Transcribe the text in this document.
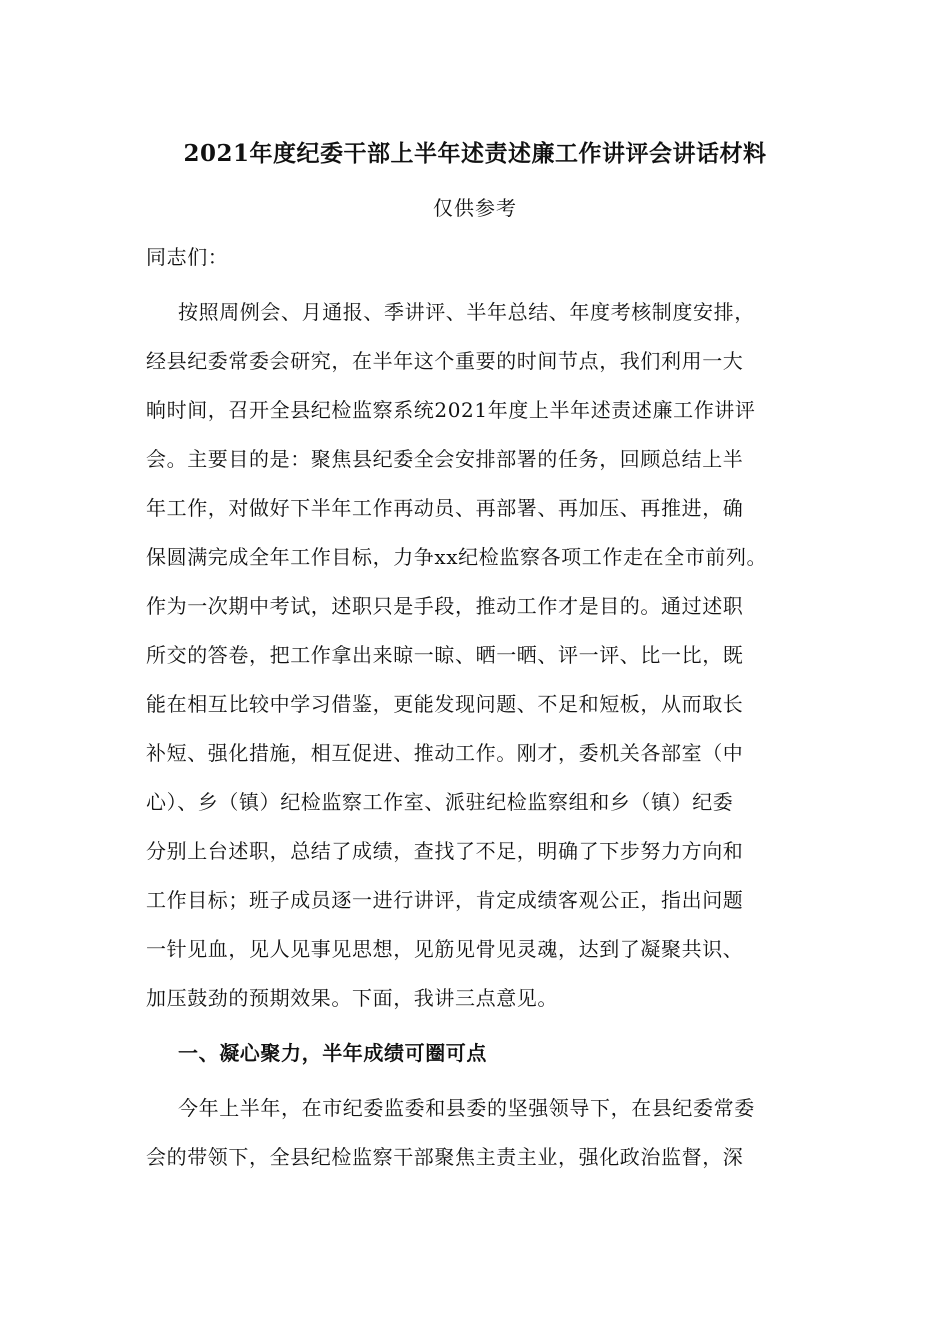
2021年度纪委干部上半年述责述廉工作讲评会讲话材料
仅供参考
同志们：
按照周例会、月通报、季讲评、半年总结、年度考核制度安排，
经县纪委常委会研究，在半年这个重要的时间节点，我们利用一大
晌时间，召开全县纪检监察系统2021年度上半年述责述廉工作讲评
会。主要目的是：聚焦县纪委全会安排部署的任务，回顾总结上半
年工作，对做好下半年工作再动员、再部署、再加压、再推进，确
保圆满完成全年工作目标，力争xx纪检监察各项工作走在全市前列。
作为一次期中考试，述职只是手段，推动工作才是目的。通过述职
所交的答卷，把工作拿出来晾一晾、晒一晒、评一评、比一比，既
能在相互比较中学习借鉴，更能发现问题、不足和短板，从而取长
补短、强化措施，相互促进、推动工作。刚才，委机关各部室（中
心）、乡（镇）纪检监察工作室、派驻纪检监察组和乡（镇）纪委
分别上台述职，总结了成绩，查找了不足，明确了下步努力方向和
工作目标；班子成员逐一进行讲评，肯定成绩客观公正，指出问题
一针见血，见人见事见思想，见筋见骨见灵魂，达到了凝聚共识、
加压鼓劲的预期效果。下面，我讲三点意见。
一、凝心聚力，半年成绩可圈可点
今年上半年，在市纪委监委和县委的坚强领导下，在县纪委常委
会的带领下，全县纪检监察干部聚焦主责主业，强化政治监督，深
